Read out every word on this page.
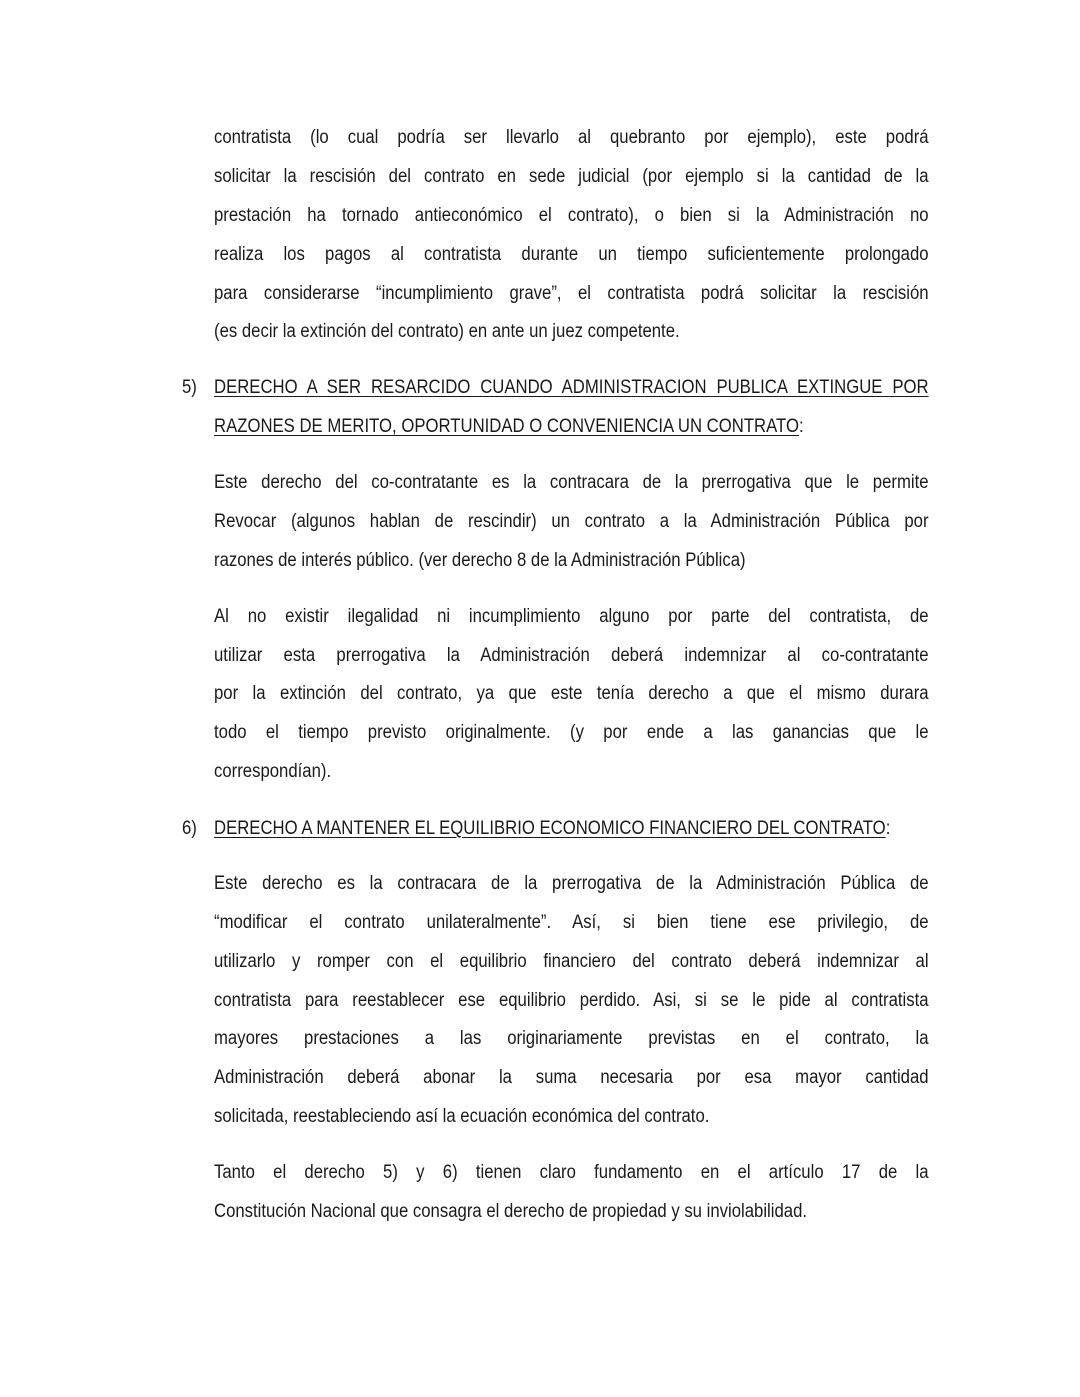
contratista (lo cual podría ser llevarlo al quebranto por ejemplo), este podrá
solicitar la rescisión del contrato en sede judicial (por ejemplo si la cantidad de la
prestación ha tornado antieconómico el contrato), o bien si la Administración no
realiza los pagos al contratista durante un tiempo suficientemente prolongado
para considerarse “incumplimiento grave”, el contratista podrá solicitar la rescisión
(es decir la extinción del contrato) en ante un juez competente.
5) DERECHO A SER RESARCIDO CUANDO ADMINISTRACION PUBLICA EXTINGUE POR
RAZONES DE MERITO, OPORTUNIDAD O CONVENIENCIA UN CONTRATO:
Este derecho del co-contratante es la contracara de la prerrogativa que le permite
Revocar (algunos hablan de rescindir) un contrato a la Administración Pública por
razones de interés público. (ver derecho 8 de la Administración Pública)
Al no existir ilegalidad ni incumplimiento alguno por parte del contratista, de
utilizar esta prerrogativa la Administración deberá indemnizar al co-contratante
por la extinción del contrato, ya que este tenía derecho a que el mismo durara
todo el tiempo previsto originalmente. (y por ende a las ganancias que le
correspondían).
6) DERECHO A MANTENER EL EQUILIBRIO ECONOMICO FINANCIERO DEL CONTRATO:
Este derecho es la contracara de la prerrogativa de la Administración Pública de
“modificar el contrato unilateralmente”. Así, si bien tiene ese privilegio, de
utilizarlo y romper con el equilibrio financiero del contrato deberá indemnizar al
contratista para reestablecer ese equilibrio perdido. Asi, si se le pide al contratista
mayores prestaciones a las originariamente previstas en el contrato, la
Administración deberá abonar la suma necesaria por esa mayor cantidad
solicitada, reestableciendo así la ecuación económica del contrato.
Tanto el derecho 5) y 6) tienen claro fundamento en el artículo 17 de la
Constitución Nacional que consagra el derecho de propiedad y su inviolabilidad.
